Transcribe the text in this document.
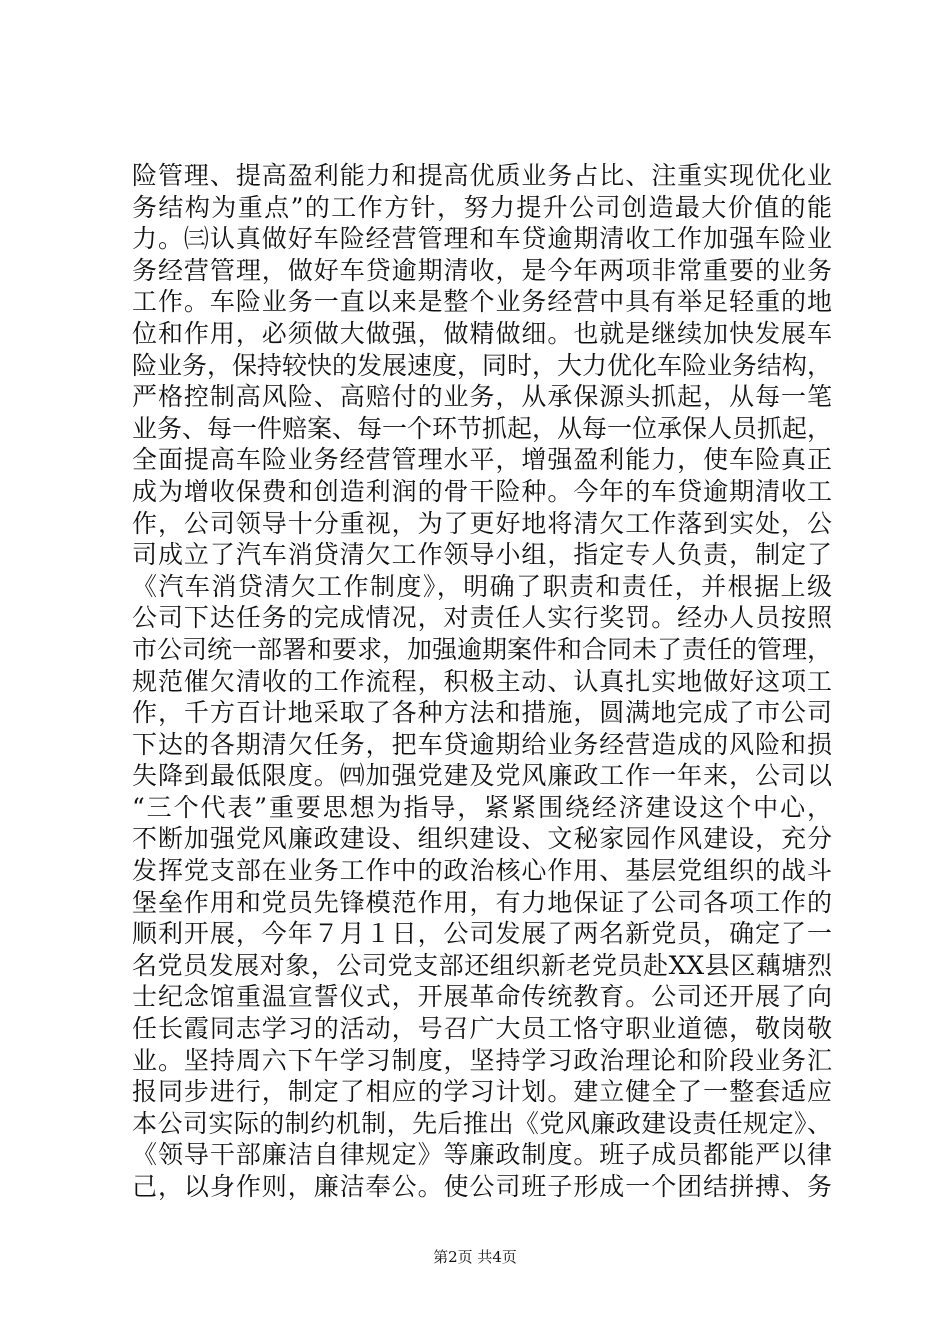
险管理、提高盈利能力和提高优质业务占比、注重实现优化业
务结构为重点”的工作方针，努力提升公司创造最大价值的能
力。㈢认真做好车险经营管理和车贷逾期清收工作加强车险业
务经营管理，做好车贷逾期清收，是今年两项非常重要的业务
工作。车险业务一直以来是整个业务经营中具有举足轻重的地
位和作用，必须做大做强，做精做细。也就是继续加快发展车
险业务，保持较快的发展速度，同时，大力优化车险业务结构，
严格控制高风险、高赔付的业务，从承保源头抓起，从每一笔
业务、每一件赔案、每一个环节抓起，从每一位承保人员抓起，
全面提高车险业务经营管理水平，增强盈利能力，使车险真正
成为增收保费和创造利润的骨干险种。今年的车贷逾期清收工
作，公司领导十分重视，为了更好地将清欠工作落到实处，公
司成立了汽车消贷清欠工作领导小组，指定专人负责，制定了
《汽车消贷清欠工作制度》，明确了职责和责任，并根据上级
公司下达任务的完成情况，对责任人实行奖罚。经办人员按照
市公司统一部署和要求，加强逾期案件和合同未了责任的管理，
规范催欠清收的工作流程，积极主动、认真扎实地做好这项工
作，千方百计地采取了各种方法和措施，圆满地完成了市公司
下达的各期清欠任务，把车贷逾期给业务经营造成的风险和损
失降到最低限度。㈣加强党建及党风廉政工作一年来，公司以
“三个代表”重要思想为指导，紧紧围绕经济建设这个中心，
不断加强党风廉政建设、组织建设、文秘家园作风建设，充分
发挥党支部在业务工作中的政治核心作用、基层党组织的战斗
堡垒作用和党员先锋模范作用，有力地保证了公司各项工作的
顺利开展，今年７月１日，公司发展了两名新党员，确定了一
名党员发展对象，公司党支部还组织新老党员赴XX县区藕塘烈
士纪念馆重温宣誓仪式，开展革命传统教育。公司还开展了向
任长霞同志学习的活动，号召广大员工恪守职业道德，敬岗敬
业。坚持周六下午学习制度，坚持学习政治理论和阶段业务汇
报同步进行，制定了相应的学习计划。建立健全了一整套适应
本公司实际的制约机制，先后推出《党风廉政建设责任规定》、
《领导干部廉洁自律规定》等廉政制度。班子成员都能严以律
己，以身作则，廉洁奉公。使公司班子形成一个团结拼搏、务
第2页 共4页
